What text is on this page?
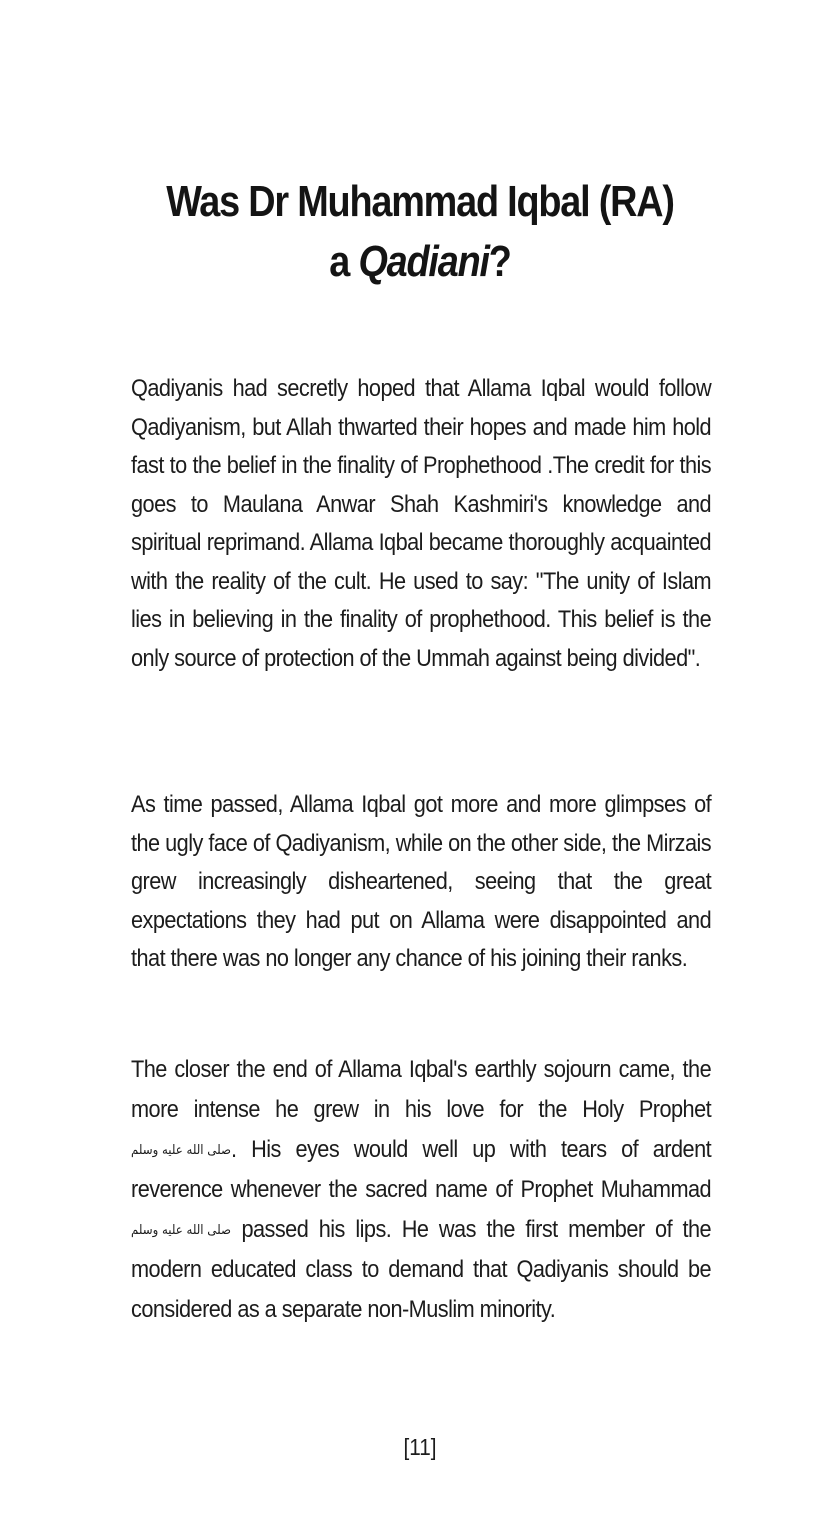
Was Dr Muhammad Iqbal (RA)
a Qadiani?

Qadiyanis had secretly hoped that Allama Iqbal would follow Qadiyanism, but Allah thwarted their hopes and made him hold fast to the belief in the finality of Prophethood .The credit for this goes to Maulana Anwar Shah Kashmiri's knowledge and spiritual reprimand. Allama Iqbal became thoroughly acquainted with the reality of the cult. He used to say: "The unity of Islam lies in believing in the finality of prophethood. This belief is the only source of protection of the Ummah against being divided".

As time passed, Allama Iqbal got more and more glimpses of the ugly face of Qadiyanism, while on the other side, the Mirzais grew increasingly disheartened, seeing that the great expectations they had put on Allama were disappointed and that there was no longer any chance of his joining their ranks.

The closer the end of Allama Iqbal's earthly sojourn came, the more intense he grew in his love for the Holy Prophet صلى الله عليه وسلم. His eyes would well up with tears of ardent reverence whenever the sacred name of Prophet Muhammad صلى الله عليه وسلم passed his lips. He was the first member of the modern educated class to demand that Qadiyanis should be considered as a separate non-Muslim minority.

[11]
